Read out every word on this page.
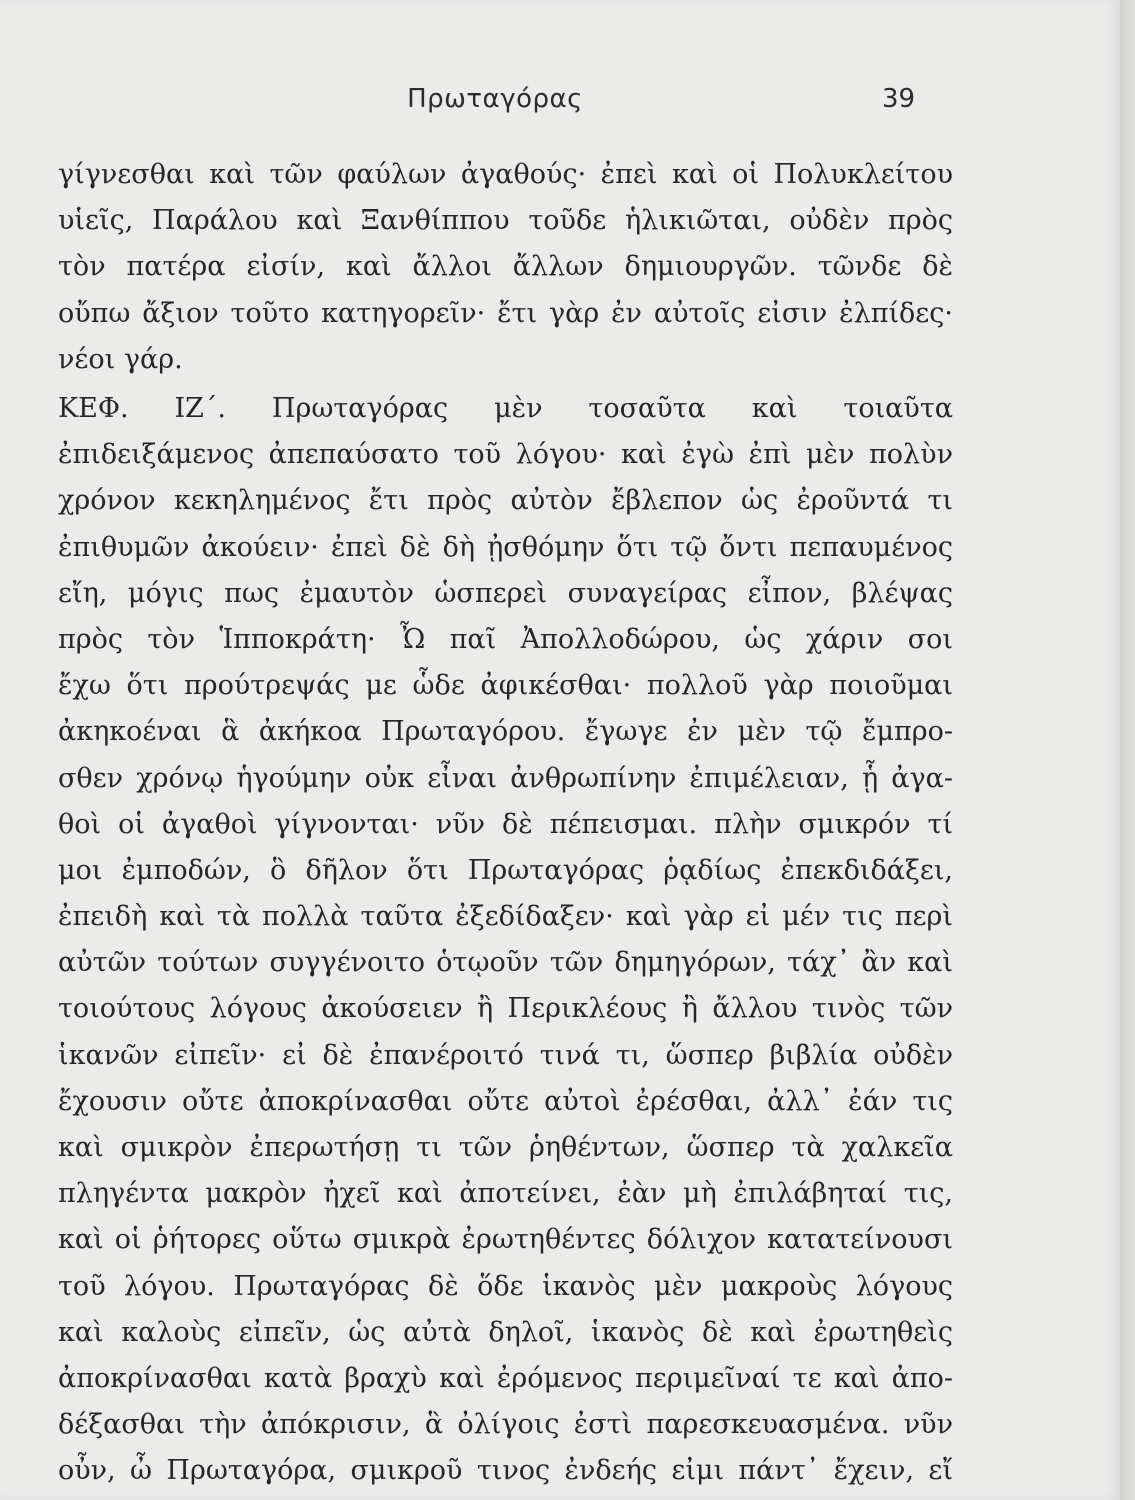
Πρωταγόρας	39
γίγνεσθαι καὶ τῶν φαύλων ἀγαθούς· ἐπεὶ καὶ οἱ Πολυκλείτου
υἱεῖς, Παράλου καὶ Ξανθίππου τοῦδε ἡλικιῶται, οὐδὲν πρὸς
τὸν πατέρα εἰσίν, καὶ ἄλλοι ἄλλων δημιουργῶν. τῶνδε δὲ
οὔπω ἄξιον τοῦτο κατηγορεῖν· ἔτι γὰρ ἐν αὐτοῖς εἰσιν ἐλπίδες·
νέοι γάρ.
ΚΕΦ. ΙΖ΄. Πρωταγόρας μὲν τοσαῦτα καὶ τοιαῦτα
ἐπιδειξάμενος ἀπεπαύσατο τοῦ λόγου· καὶ ἐγὼ ἐπὶ μὲν πολὺν
χρόνον κεκηλημένος ἔτι πρὸς αὐτὸν ἔβλεπον ὡς ἐροῦντά τι
ἐπιθυμῶν ἀκούειν· ἐπεὶ δὲ δὴ ᾐσθόμην ὅτι τῷ ὄντι πεπαυμένος
εἴη, μόγις πως ἐμαυτὸν ὡσπερεὶ συναγείρας εἶπον, βλέψας
πρὸς τὸν Ἱπποκράτη· Ὦ παῖ Ἀπολλοδώρου, ὡς χάριν σοι
ἔχω ὅτι προύτρεψάς με ὧδε ἀφικέσθαι· πολλοῦ γὰρ ποιοῦμαι
ἀκηκοέναι ἃ ἀκήκοα Πρωταγόρου. ἔγωγε ἐν μὲν τῷ ἔμπρο-
σθεν χρόνῳ ἡγούμην οὐκ εἶναι ἀνθρωπίνην ἐπιμέλειαν, ᾗ ἀγα-
θοὶ οἱ ἀγαθοὶ γίγνονται· νῦν δὲ πέπεισμαι. πλὴν σμικρόν τί
μοι ἐμποδών, ὃ δῆλον ὅτι Πρωταγόρας ῥᾳδίως ἐπεκδιδάξει,
ἐπειδὴ καὶ τὰ πολλὰ ταῦτα ἐξεδίδαξεν· καὶ γὰρ εἰ μέν τις περὶ
αὐτῶν τούτων συγγένοιτο ὁτῳοῦν τῶν δημηγόρων, τάχ᾽ ἂν καὶ
τοιούτους λόγους ἀκούσειεν ἢ Περικλέους ἢ ἄλλου τινὸς τῶν
ἱκανῶν εἰπεῖν· εἰ δὲ ἐπανέροιτό τινά τι, ὥσπερ βιβλία οὐδὲν
ἔχουσιν οὔτε ἀποκρίνασθαι οὔτε αὐτοὶ ἐρέσθαι, ἀλλ᾽ ἐάν τις
καὶ σμικρὸν ἐπερωτήσῃ τι τῶν ῥηθέντων, ὥσπερ τὰ χαλκεῖα
πληγέντα μακρὸν ἠχεῖ καὶ ἀποτείνει, ἐὰν μὴ ἐπιλάβηταί τις,
καὶ οἱ ῥήτορες οὕτω σμικρὰ ἐρωτηθέντες δόλιχον κατατείνουσι
τοῦ λόγου. Πρωταγόρας δὲ ὅδε ἱκανὸς μὲν μακροὺς λόγους
καὶ καλοὺς εἰπεῖν, ὡς αὐτὰ δηλοῖ, ἱκανὸς δὲ καὶ ἐρωτηθεὶς
ἀποκρίνασθαι κατὰ βραχὺ καὶ ἐρόμενος περιμεῖναί τε καὶ ἀπο-
δέξασθαι τὴν ἀπόκρισιν, ἃ ὀλίγοις ἐστὶ παρεσκευασμένα. νῦν
οὖν, ὦ Πρωταγόρα, σμικροῦ τινος ἐνδεής εἰμι πάντ᾽ ἔχειν, εἴ
